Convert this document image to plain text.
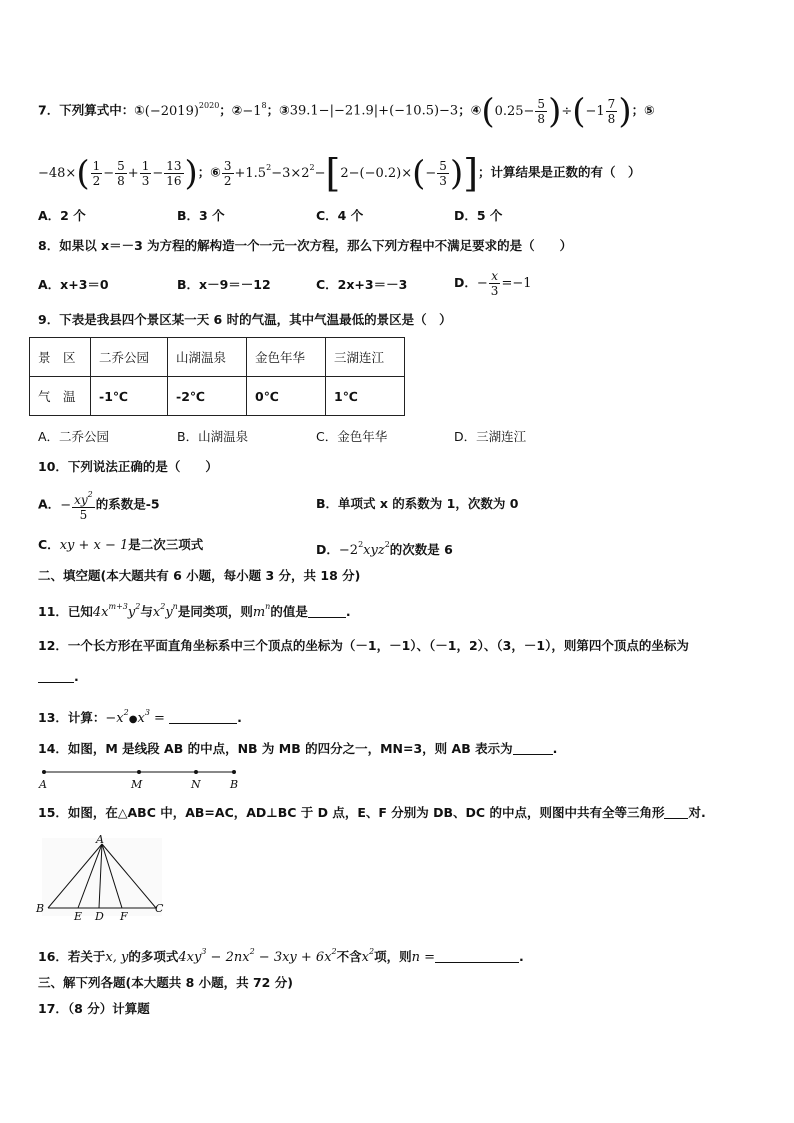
7．下列算式中：$①(-2019)^{2020}$；$②-1^8$；③39.1−|−21.9|+(−10.5)−3；④(0.25− $\frac{5}{8} )\div(-1 \frac{7}{8}$ )；⑤
$-48\times( \frac{1}{2} - \frac{5}{8} + \frac{1}{3} - \frac{13}{16}$ )；⑥ $\frac{3}{2} +1.5^2-3\times 2^2-[2-(-0.2)\times(- \frac{5}{3}$ )]；计算结果是正数的有（　）
A．2 个	B．3 个	C．4 个	D．5 个
8．如果以 x＝－3 为方程的解构造一个一元一次方程，那么下列方程中不满足要求的是（　　）
A．x+3＝0	B．x－9＝－12	C．2x+3＝－3	D．− $\frac{x}{3} =-1$
9．下表是我县四个景区某一天 6 时的气温，其中气温最低的景区是（　）
景　区	二乔公园	山湖温泉	金色年华	三湖连江
气　温	-1℃	-2℃	0℃	1℃
A．二乔公园	B．山湖温泉	C．金色年华	D．三湖连江
10．下列说法正确的是（　　）
A．− $\frac{xy^2}{5}$ 的系数是-5	B．单项式 x 的系数为 1，次数为 0
C．xy + x − 1是二次三项式	D．$-2^2xyz^2$的次数是 6
二、填空题(本大题共有 6 小题，每小题 3 分，共 18 分)
11．已知$4x^{m+3}y^2$与$x^2y^n$是同类项，则$m^n$的值是	.
12．一个长方形在平面直角坐标系中三个顶点的坐标为（－1，－1）、（－1，2）、（3，－1），则第四个顶点的坐标为
.
13．计算：$-x^2●x^3$ =	.
14．如图，M 是线段 AB 的中点，NB 为 MB 的四分之一，MN=3，则 AB 表示为	.
A	M	N	B
15．如图，在△ABC 中，AB=AC，AD⊥BC 于 D 点，E、F 分别为 DB、DC 的中点，则图中共有全等三角形 对.
A
B
E D F
C
16．若关于x, y的多项式$4xy^3 - 2nx^2 - 3xy + 6x^2$不含$x^2$项，则n =	.
三、解下列各题(本大题共 8 小题，共 72 分)
17．（8 分）计算题
